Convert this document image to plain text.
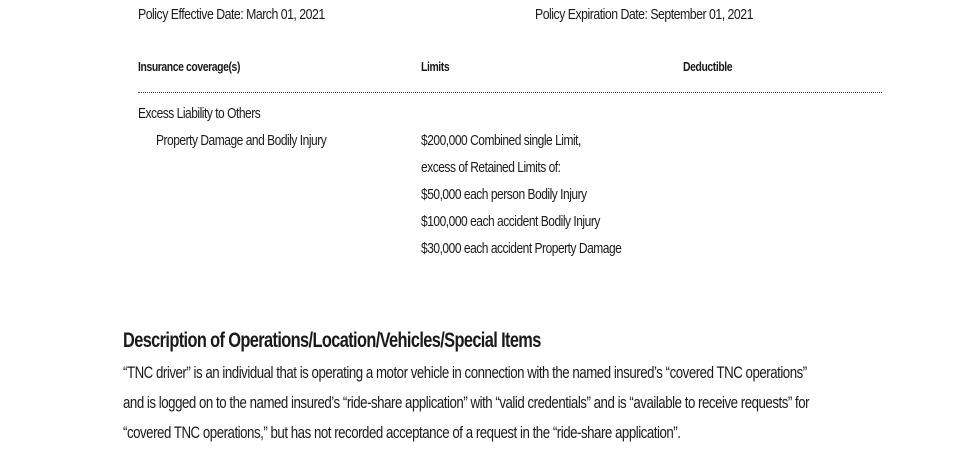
Policy Effective Date: March 01, 2021	Policy Expiration Date: September 01, 2021
Insurance coverage(s)	Limits	Deductible
Excess Liability to Others
Property Damage and Bodily Injury	$200,000 Combined single Limit,
excess of Retained Limits of:
$50,000 each person Bodily Injury
$100,000 each accident Bodily Injury
$30,000 each accident Property Damage
Description of Operations/Location/Vehicles/Special Items
“TNC driver” is an individual that is operating a motor vehicle in connection with the named insured’s “covered TNC operations”
and is logged on to the named insured’s “ride-share application” with “valid credentials” and is “available to receive requests” for
“covered TNC operations,” but has not recorded acceptance of a request in the “ride-share application”.
